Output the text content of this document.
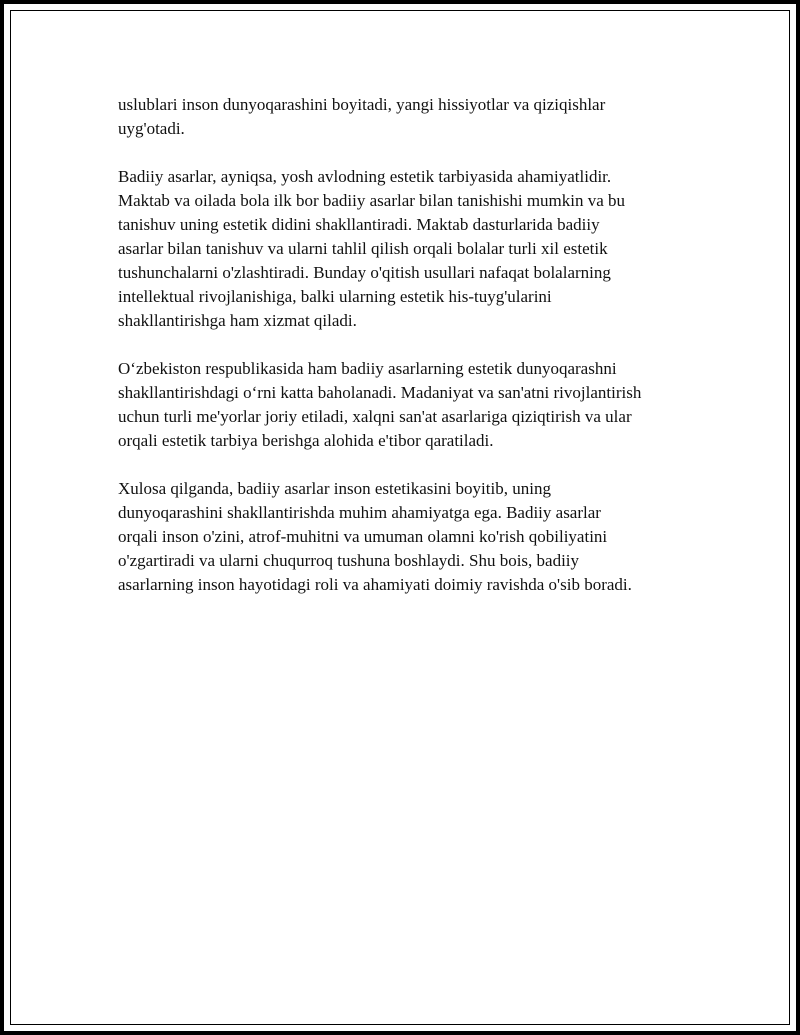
uslublari inson dunyoqarashini boyitadi, yangi hissiyotlar va qiziqishlar
uyg'otadi.

Badiiy asarlar, ayniqsa, yosh avlodning estetik tarbiyasida ahamiyatlidir.
Maktab va oilada bola ilk bor badiiy asarlar bilan tanishishi mumkin va bu
tanishuv uning estetik didini shakllantiradi. Maktab dasturlarida badiiy
asarlar bilan tanishuv va ularni tahlil qilish orqali bolalar turli xil estetik
tushunchalarni o'zlashtiradi. Bunday o'qitish usullari nafaqat bolalarning
intellektual rivojlanishiga, balki ularning estetik his-tuyg'ularini
shakllantirishga ham xizmat qiladi.

O‘zbekiston respublikasida ham badiiy asarlarning estetik dunyoqarashni
shakllantirishdagi o‘rni katta baholanadi. Madaniyat va san'atni rivojlantirish
uchun turli me'yorlar joriy etiladi, xalqni san'at asarlariga qiziqtirish va ular
orqali estetik tarbiya berishga alohida e'tibor qaratiladi.

Xulosa qilganda, badiiy asarlar inson estetikasini boyitib, uning
dunyoqarashini shakllantirishda muhim ahamiyatga ega. Badiiy asarlar
orqali inson o'zini, atrof-muhitni va umuman olamni ko'rish qobiliyatini
o'zgartiradi va ularni chuqurroq tushuna boshlaydi. Shu bois, badiiy
asarlarning inson hayotidagi roli va ahamiyati doimiy ravishda o'sib boradi.
